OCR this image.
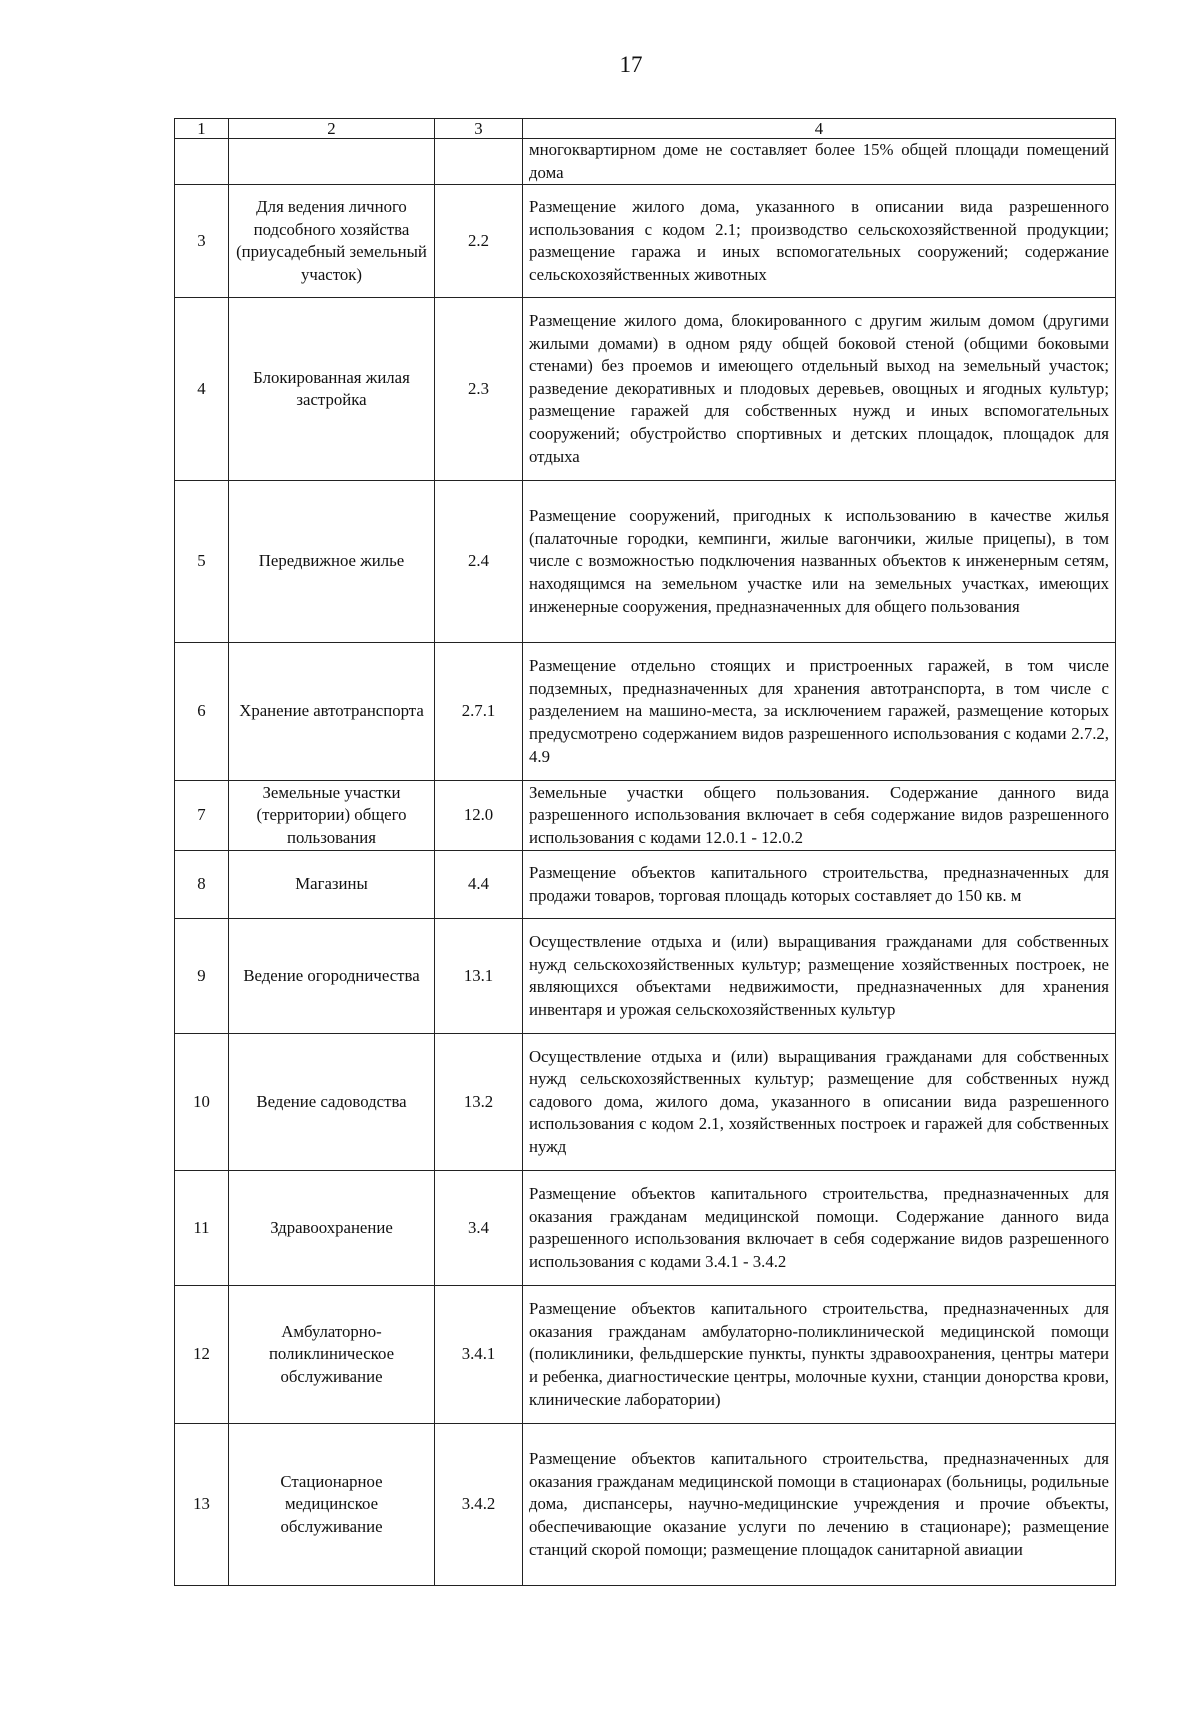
17
1	2	3	4
			многоквартирном доме не составляет более 15% общей площади помещений дома
3	Для ведения личного подсобного хозяйства (приусадебный земельный участок)	2.2	Размещение жилого дома, указанного в описании вида разрешенного использования с кодом 2.1; производство сельскохозяйственной продукции; размещение гаража и иных вспомогательных сооружений; содержание сельскохозяйственных животных
4	Блокированная жилая застройка	2.3	Размещение жилого дома, блокированного с другим жилым домом (другими жилыми домами) в одном ряду общей боковой стеной (общими боковыми стенами) без проемов и имеющего отдельный выход на земельный участок; разведение декоративных и плодовых деревьев, овощных и ягодных культур; размещение гаражей для собственных нужд и иных вспомогательных сооружений; обустройство спортивных и детских площадок, площадок для отдыха
5	Передвижное жилье	2.4	Размещение сооружений, пригодных к использованию в качестве жилья (палаточные городки, кемпинги, жилые вагончики, жилые прицепы), в том числе с возможностью подключения названных объектов к инженерным сетям, находящимся на земельном участке или на земельных участках, имеющих инженерные сооружения, предназначенных для общего пользования
6	Хранение автотранспорта	2.7.1	Размещение отдельно стоящих и пристроенных гаражей, в том числе подземных, предназначенных для хранения автотранспорта, в том числе с разделением на машино-места, за исключением гаражей, размещение которых предусмотрено содержанием видов разрешенного использования с кодами 2.7.2, 4.9
7	Земельные участки (территории) общего пользования	12.0	Земельные участки общего пользования. Содержание данного вида разрешенного использования включает в себя содержание видов разрешенного использования с кодами 12.0.1 - 12.0.2
8	Магазины	4.4	Размещение объектов капитального строительства, предназначенных для продажи товаров, торговая площадь которых составляет до 150 кв. м
9	Ведение огородничества	13.1	Осуществление отдыха и (или) выращивания гражданами для собственных нужд сельскохозяйственных культур; размещение хозяйственных построек, не являющихся объектами недвижимости, предназначенных для хранения инвентаря и урожая сельскохозяйственных культур
10	Ведение садоводства	13.2	Осуществление отдыха и (или) выращивания гражданами для собственных нужд сельскохозяйственных культур; размещение для собственных нужд садового дома, жилого дома, указанного в описании вида разрешенного использования с кодом 2.1, хозяйственных построек и гаражей для собственных нужд
11	Здравоохранение	3.4	Размещение объектов капитального строительства, предназначенных для оказания гражданам медицинской помощи. Содержание данного вида разрешенного использования включает в себя содержание видов разрешенного использования с кодами 3.4.1 - 3.4.2
12	Амбулаторно-поликлиническое обслуживание	3.4.1	Размещение объектов капитального строительства, предназначенных для оказания гражданам амбулаторно-поликлинической медицинской помощи (поликлиники, фельдшерские пункты, пункты здравоохранения, центры матери и ребенка, диагностические центры, молочные кухни, станции донорства крови, клинические лаборатории)
13	Стационарное медицинское обслуживание	3.4.2	Размещение объектов капитального строительства, предназначенных для оказания гражданам медицинской помощи в стационарах (больницы, родильные дома, диспансеры, научно-медицинские учреждения и прочие объекты, обеспечивающие оказание услуги по лечению в стационаре); размещение станций скорой помощи; размещение площадок санитарной авиации
